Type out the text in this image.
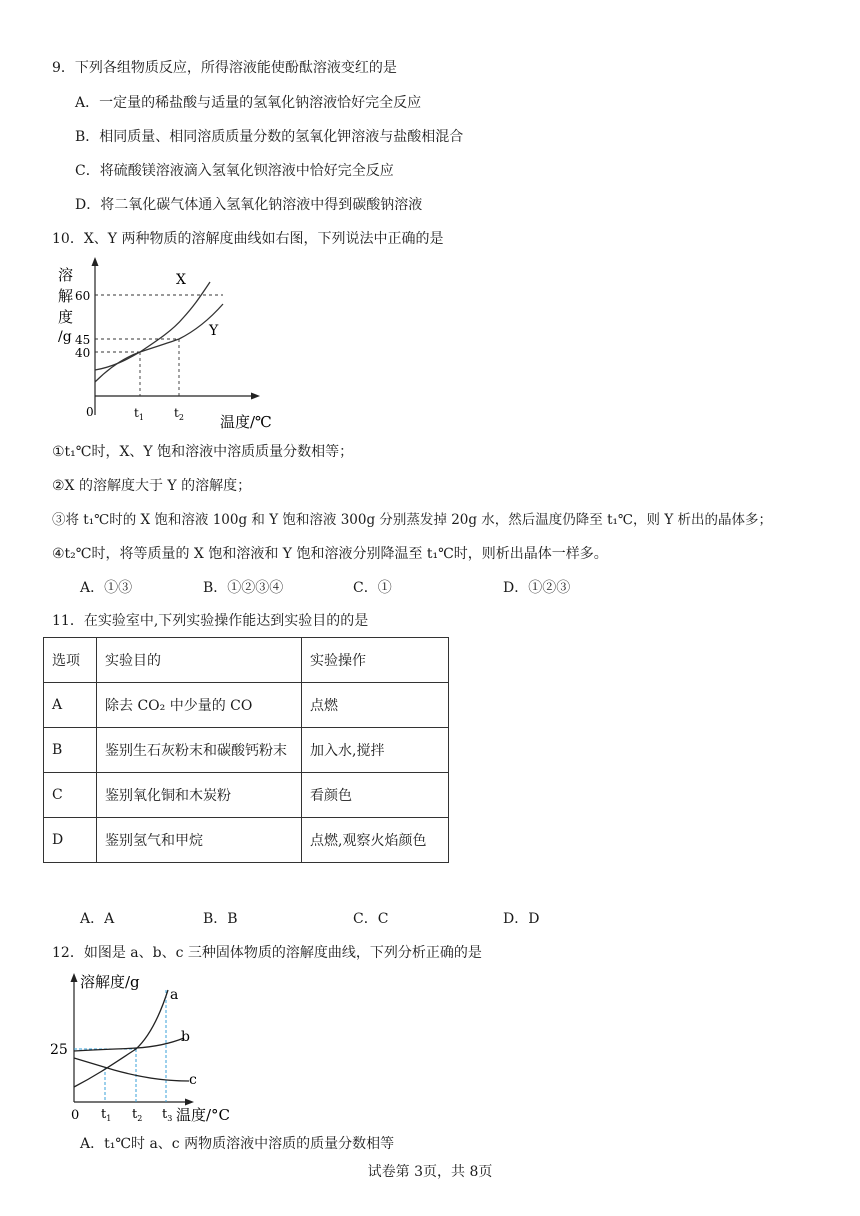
9．下列各组物质反应，所得溶液能使酚酞溶液变红的是
A．一定量的稀盐酸与适量的氢氧化钠溶液恰好完全反应
B．相同质量、相同溶质质量分数的氢氧化钾溶液与盐酸相混合
C．将硫酸镁溶液滴入氢氧化钡溶液中恰好完全反应
D．将二氧化碳气体通入氢氧化钠溶液中得到碳酸钠溶液
10．X、Y 两种物质的溶解度曲线如右图，下列说法中正确的是
溶
解
度
/g
60
45
40
0
X
Y
$t_1$	$t_2$ 温度/℃
①t₁℃时，X、Y 饱和溶液中溶质质量分数相等；
②X 的溶解度大于 Y 的溶解度；
③将 t₁℃时的 X 饱和溶液 100g 和 Y 饱和溶液 300g 分别蒸发掉 20g 水，然后温度仍降至 t₁℃，则 Y 析出的晶体多；
④t₂℃时，将等质量的 X 饱和溶液和 Y 饱和溶液分别降温至 t₁℃时，则析出晶体一样多。
A．①③	B．①②③④	C．①	D．①②③
11．在实验室中,下列实验操作能达到实验目的的是
选项	实验目的	实验操作
A	除去 CO₂ 中少量的 CO	点燃
B	鉴别生石灰粉末和碳酸钙粉末	加入水,搅拌
C	鉴别氧化铜和木炭粉	看颜色
D	鉴别氢气和甲烷	点燃,观察火焰颜色
A．A	B．B	C．C	D．D
12．如图是 a、b、c 三种固体物质的溶解度曲线，下列分析正确的是
溶解度/g
25
0
a
b
c
$t_1$ $t_2$ $t_3$ 温度/°C
A．t₁℃时 a、c 两物质溶液中溶质的质量分数相等
试卷第 3页，共 8页
